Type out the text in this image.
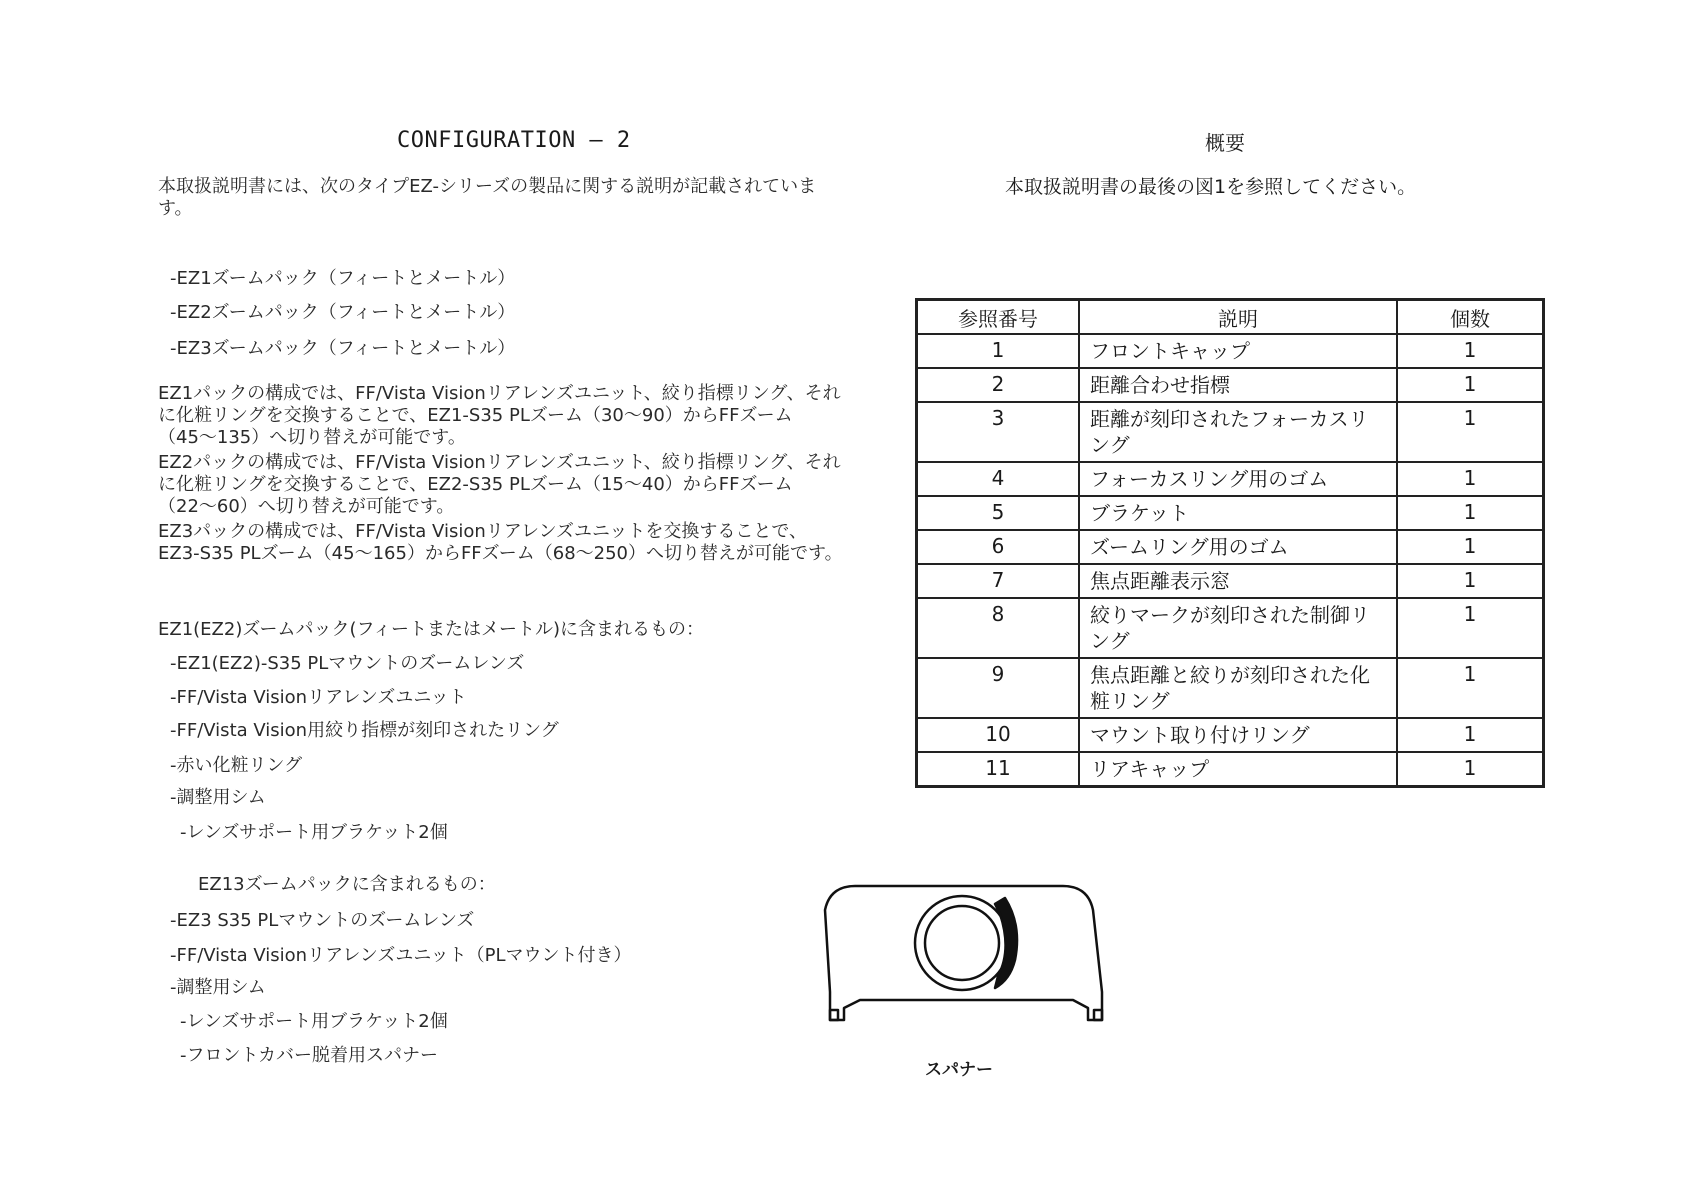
CONFIGURATION – 2
本取扱説明書には、次のタイプEZ-シリーズの製品に関する説明が記載されています。
-EZ1ズームパック（フィートとメートル）
-EZ2ズームパック（フィートとメートル）
-EZ3ズームパック（フィートとメートル）
EZ1パックの構成では、FF/Vista Visionリアレンズユニット、絞り指標リング、それに化粧リングを交換することで、EZ1-S35 PLズーム（30〜90）からFFズーム（45〜135）へ切り替えが可能です。
EZ2パックの構成では、FF/Vista Visionリアレンズユニット、絞り指標リング、それに化粧リングを交換することで、EZ2-S35 PLズーム（15〜40）からFFズーム（22〜60）へ切り替えが可能です。
EZ3パックの構成では、FF/Vista Visionリアレンズユニットを交換することで、EZ3-S35 PLズーム（45〜165）からFFズーム（68〜250）へ切り替えが可能です。
EZ1(EZ2)ズームパック(フィートまたはメートル)に含まれるもの：
-EZ1(EZ2)-S35 PLマウントのズームレンズ
-FF/Vista Visionリアレンズユニット
-FF/Vista Vision用絞り指標が刻印されたリング
-赤い化粧リング
-調整用シム
-レンズサポート用ブラケット2個
EZ13ズームパックに含まれるもの：
-EZ3 S35 PLマウントのズームレンズ
-FF/Vista Visionリアレンズユニット（PLマウント付き）
-調整用シム
-レンズサポート用ブラケット2個
-フロントカバー脱着用スパナー
概要
本取扱説明書の最後の図1を参照してください。
参照番号	説明	個数
1	フロントキャップ	1
2	距離合わせ指標	1
3	距離が刻印されたフォーカスリング	1
4	フォーカスリング用のゴム	1
5	ブラケット	1
6	ズームリング用のゴム	1
7	焦点距離表示窓	1
8	絞りマークが刻印された制御リング	1
9	焦点距離と絞りが刻印された化粧リング	1
10	マウント取り付けリング	1
11	リアキャップ	1
スパナー
